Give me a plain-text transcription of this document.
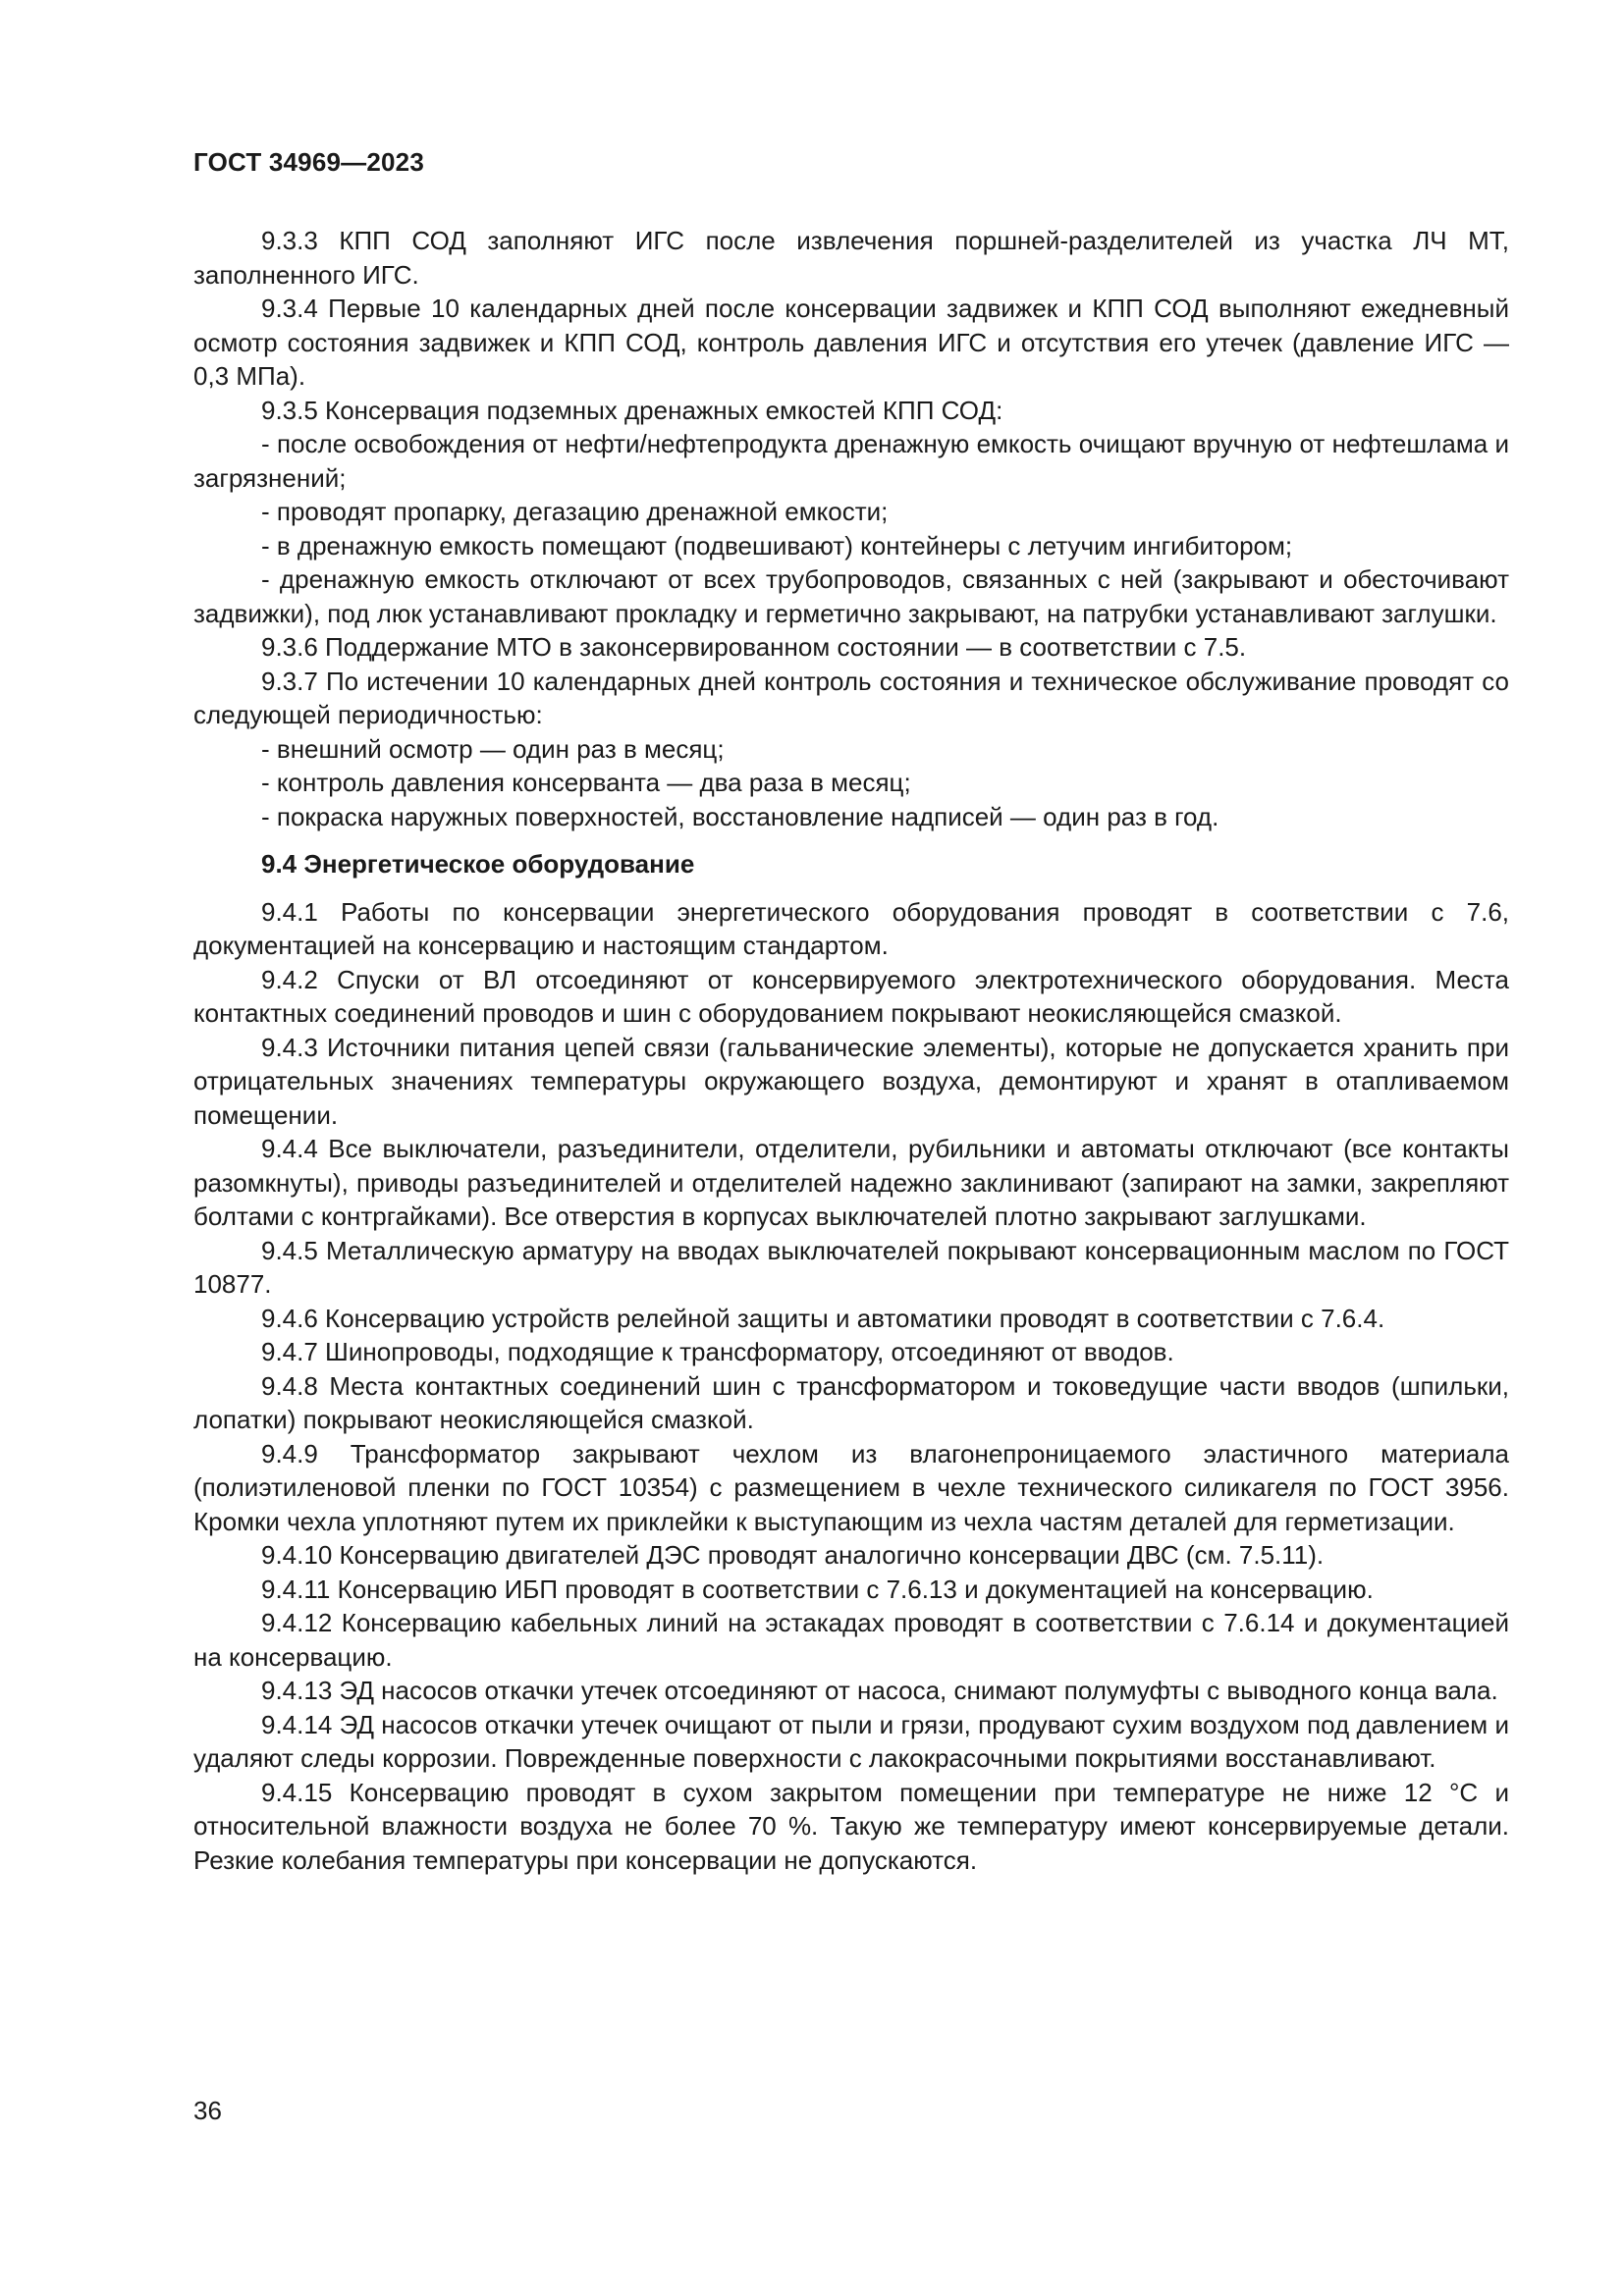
ГОСТ 34969—2023

9.3.3 КПП СОД заполняют ИГС после извлечения поршней-разделителей из участка ЛЧ МТ, заполненного ИГС.

9.3.4 Первые 10 календарных дней после консервации задвижек и КПП СОД выполняют ежедневный осмотр состояния задвижек и КПП СОД, контроль давления ИГС и отсутствия его утечек (давление ИГС — 0,3 МПа).

9.3.5 Консервация подземных дренажных емкостей КПП СОД:

- после освобождения от нефти/нефтепродукта дренажную емкость очищают вручную от нефтешлама и загрязнений;

- проводят пропарку, дегазацию дренажной емкости;

- в дренажную емкость помещают (подвешивают) контейнеры с летучим ингибитором;

- дренажную емкость отключают от всех трубопроводов, связанных с ней (закрывают и обесточивают задвижки), под люк устанавливают прокладку и герметично закрывают, на патрубки устанавливают заглушки.

9.3.6 Поддержание МТО в законсервированном состоянии — в соответствии с 7.5.

9.3.7 По истечении 10 календарных дней контроль состояния и техническое обслуживание проводят со следующей периодичностью:

- внешний осмотр — один раз в месяц;

- контроль давления консерванта — два раза в месяц;

- покраска наружных поверхностей, восстановление надписей — один раз в год.

9.4 Энергетическое оборудование

9.4.1 Работы по консервации энергетического оборудования проводят в соответствии с 7.6, документацией на консервацию и настоящим стандартом.

9.4.2 Спуски от ВЛ отсоединяют от консервируемого электротехнического оборудования. Места контактных соединений проводов и шин с оборудованием покрывают неокисляющейся смазкой.

9.4.3 Источники питания цепей связи (гальванические элементы), которые не допускается хранить при отрицательных значениях температуры окружающего воздуха, демонтируют и хранят в отапливаемом помещении.

9.4.4 Все выключатели, разъединители, отделители, рубильники и автоматы отключают (все контакты разомкнуты), приводы разъединителей и отделителей надежно заклинивают (запирают на замки, закрепляют болтами с контргайками). Все отверстия в корпусах выключателей плотно закрывают заглушками.

9.4.5 Металлическую арматуру на вводах выключателей покрывают консервационным маслом по ГОСТ 10877.

9.4.6 Консервацию устройств релейной защиты и автоматики проводят в соответствии с 7.6.4.

9.4.7 Шинопроводы, подходящие к трансформатору, отсоединяют от вводов.

9.4.8 Места контактных соединений шин с трансформатором и токоведущие части вводов (шпильки, лопатки) покрывают неокисляющейся смазкой.

9.4.9 Трансформатор закрывают чехлом из влагонепроницаемого эластичного материала (полиэтиленовой пленки по ГОСТ 10354) с размещением в чехле технического силикагеля по ГОСТ 3956. Кромки чехла уплотняют путем их приклейки к выступающим из чехла частям деталей для герметизации.

9.4.10 Консервацию двигателей ДЭС проводят аналогично консервации ДВС (см. 7.5.11).

9.4.11 Консервацию ИБП проводят в соответствии с 7.6.13 и документацией на консервацию.

9.4.12 Консервацию кабельных линий на эстакадах проводят в соответствии с 7.6.14 и документацией на консервацию.

9.4.13 ЭД насосов откачки утечек отсоединяют от насоса, снимают полумуфты с выводного конца вала.

9.4.14 ЭД насосов откачки утечек очищают от пыли и грязи, продувают сухим воздухом под давлением и удаляют следы коррозии. Поврежденные поверхности с лакокрасочными покрытиями восстанавливают.

9.4.15 Консервацию проводят в сухом закрытом помещении при температуре не ниже 12 °С и относительной влажности воздуха не более 70 %. Такую же температуру имеют консервируемые детали. Резкие колебания температуры при консервации не допускаются.

36
